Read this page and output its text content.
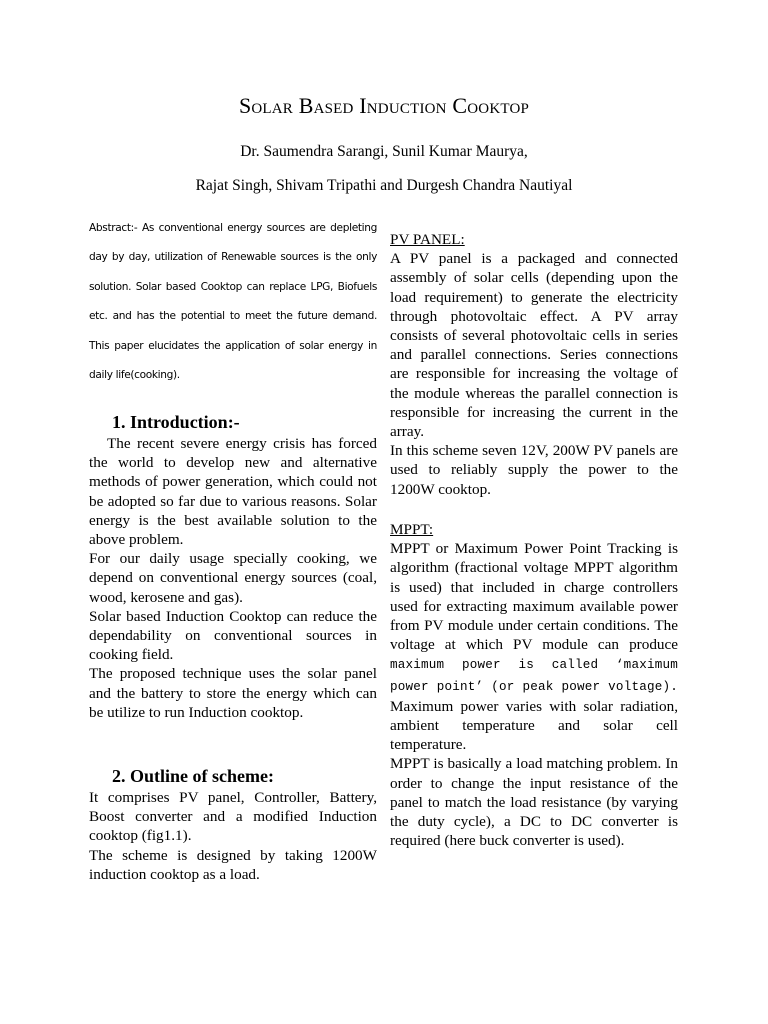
Solar Based Induction Cooktop
Dr. Saumendra Sarangi, Sunil Kumar Maurya,
Rajat Singh, Shivam Tripathi and Durgesh Chandra Nautiyal
Abstract:- As conventional energy sources are depleting day by day, utilization of Renewable sources is the only solution. Solar based Cooktop can replace LPG, Biofuels etc. and has the potential to meet the future demand. This paper elucidates the application of solar energy in daily life(cooking).
1. Introduction:-

The recent severe energy crisis has forced the world to develop new and alternative methods of power generation, which could not be adopted so far due to various reasons. Solar energy is the best available solution to the above problem.

For our daily usage specially cooking, we depend on conventional energy sources (coal, wood, kerosene and gas).

Solar based Induction Cooktop can reduce the dependability on conventional sources in cooking field.

The proposed technique uses the solar panel and the battery to store the energy which can be utilize to run Induction cooktop.

2. Outline of scheme:

It comprises PV panel, Controller, Battery, Boost converter and a modified Induction cooktop (fig1.1).

The scheme is designed by taking 1200W induction cooktop as a load.

PV PANEL:

A PV panel is a packaged and connected assembly of solar cells (depending upon the load requirement) to generate the electricity through photovoltaic effect. A PV array consists of several photovoltaic cells in series and parallel connections. Series connections are responsible for increasing the voltage of the module whereas the parallel connection is responsible for increasing the current in the array.

In this scheme seven 12V, 200W PV panels are used to reliably supply the power to the 1200W cooktop.

MPPT:

MPPT or Maximum Power Point Tracking is algorithm (fractional voltage MPPT algorithm is used) that included in charge controllers used for extracting maximum available power from PV module under certain conditions. The voltage at which PV module can produce maximum power is called ‘maximum power point’ (or peak power voltage). Maximum power varies with solar radiation, ambient temperature and solar cell temperature.

MPPT is basically a load matching problem. In order to change the input resistance of the panel to match the load resistance (by varying the duty cycle), a DC to DC converter is required (here buck converter is used).
